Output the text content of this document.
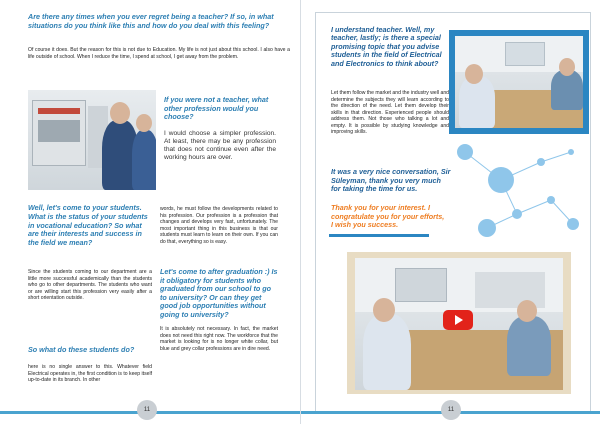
Are there any times when you ever regret being a teacher? If so, in what situations do you think like this and how do you deal with this feeling?
Of course it does. But the reason for this is not due to Education. My life is not just about this school. I also have a life outside of school. When I reduce the time, I spend at school, I get away from the problem.
If you were not a teacher, what other profession would you choose?
I would choose a simpler profession. At least, there may be any profession that does not continue even after the working hours are over.
Well, let's come to your students. What is the status of your students in vocational education? So what are their interests and success in the field we mean?
Since the students coming to our department are a little more successful academically than the students who go to other departments. The students who want or are willing start this profession very easily after a short orientation outside.
So what do these students do?
here is no single answer to this. Whatever field Electrical operates in, the first condition is to keep itself up-to-date in its branch. In other
words, he must follow the developments related to his profession. Our profession is a profession that changes and develops very fast, unfortunately. The most important thing in this business is that our students must learn to learn on their own. If you can do that, everything so is easy.
Let's come to after graduation :) Is it obligatory for students who graduated from our school to go to university? Or can they get good job opportunities without going to university?
It is absolutely not necessary. In fact, the market does not need this right now. The workforce that the market is looking for is no longer white collar, but blue and grey collar professions are in dire need.
11
I understand teacher. Well, my teacher, lastly; is there a special promising topic that you advise students in the field of Electrical and Electronics to think about?
Let them follow the market and the industry well and determine the subjects they will learn according to the direction of the need. Let them develop their skills in that direction. Experienced people should address them. Not those who talking a lot and empty. It is possible by studying knowledge and improving skills.
It was a very nice conversation, Sir Süleyman, thank you very much for taking the time for us.
Thank you for your interest. I congratulate you for your efforts, I wish you success.
11
